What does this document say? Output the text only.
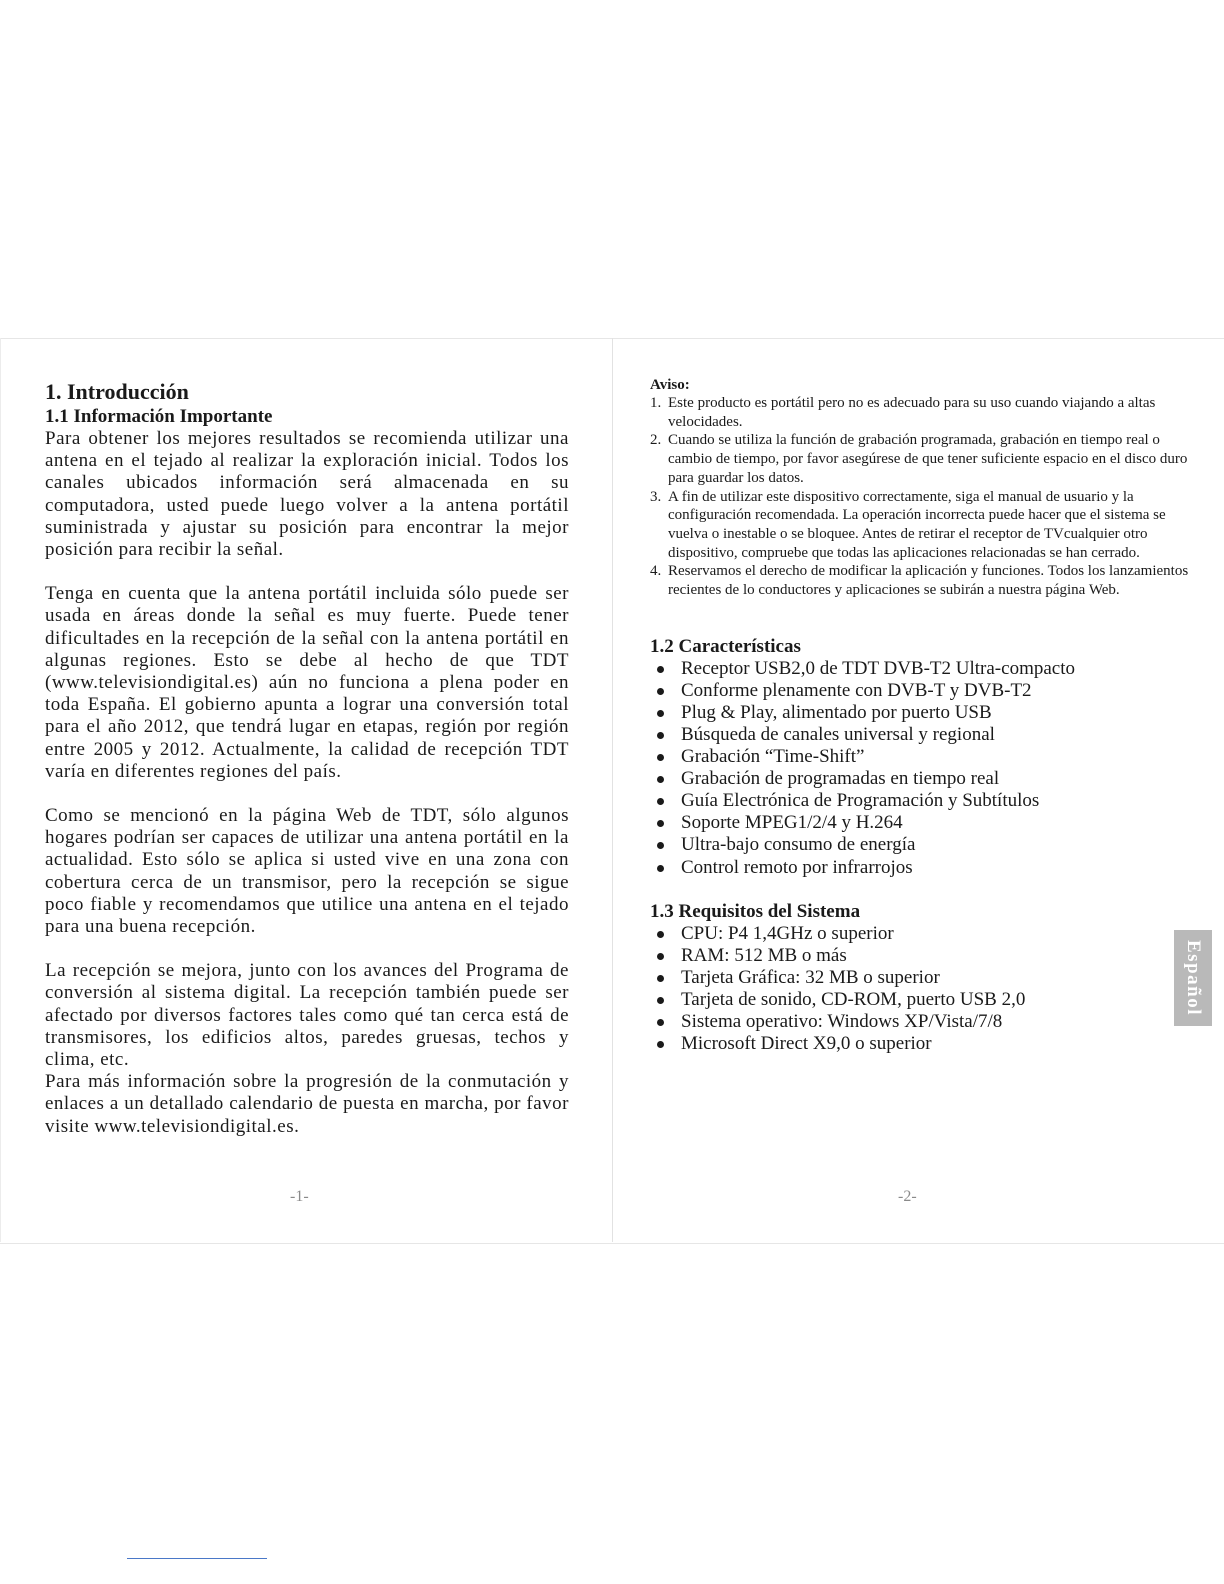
1. Introducción
1.1 Información Importante

Para obtener los mejores resultados se recomienda utilizar una antena en el tejado al realizar la exploración inicial. Todos los canales ubicados información será almacenada en su computadora, usted puede luego volver a la antena portátil suministrada y ajustar su posición para encontrar la mejor posición para recibir la señal.

Tenga en cuenta que la antena portátil incluida sólo puede ser usada en áreas donde la señal es muy fuerte. Puede tener dificultades en la recepción de la señal con la antena portátil en algunas regiones. Esto se debe al hecho de que TDT (www.televisiondigital.es) aún no funciona a plena poder en toda España. El gobierno apunta a lograr una conversión total para el año 2012, que tendrá lugar en etapas, región por región entre 2005 y 2012. Actualmente, la calidad de recepción TDT varía en diferentes regiones del país.

Como se mencionó en la página Web de TDT, sólo algunos hogares podrían ser capaces de utilizar una antena portátil en la actualidad. Esto sólo se aplica si usted vive en una zona con cobertura cerca de un transmisor, pero la recepción se sigue poco fiable y recomendamos que utilice una antena en el tejado para una buena recepción.

La recepción se mejora, junto con los avances del Programa de conversión al sistema digital. La recepción también puede ser afectado por diversos factores tales como qué tan cerca está de transmisores, los edificios altos, paredes gruesas, techos y clima, etc.

Para más información sobre la progresión de la conmutación y enlaces a un detallado calendario de puesta en marcha, por favor visite www.televisiondigital.es.

-1-

Aviso:

1. Este producto es portátil pero no es adecuado para su uso cuando viajando a altas velocidades.
2. Cuando se utiliza la función de grabación programada, grabación en tiempo real o cambio de tiempo, por favor asegúrese de que tener suficiente espacio en el disco duro para guardar los datos.
3. A fin de utilizar este dispositivo correctamente, siga el manual de usuario y la configuración recomendada. La operación incorrecta puede hacer que el sistema se vuelva o inestable o se bloquee. Antes de retirar el receptor de TVcualquier otro dispositivo, compruebe que todas las aplicaciones relacionadas se han cerrado.
4. Reservamos el derecho de modificar la aplicación y funciones. Todos los lanzamientos recientes de lo conductores y aplicaciones se subirán a nuestra página Web.
1.2 Características
Receptor USB2,0 de TDT DVB-T2 Ultra-compacto
Conforme plenamente con DVB-T y DVB-T2
Plug & Play, alimentado por puerto USB
Búsqueda de canales universal y regional
Grabación “Time-Shift”
Grabación de programadas en tiempo real
Guía Electrónica de Programación y Subtítulos
Soporte MPEG1/2/4 y H.264
Ultra-bajo consumo de energía
Control remoto por infrarrojos
1.3 Requisitos del Sistema
CPU: P4 1,4GHz o superior
RAM: 512 MB o más
Tarjeta Gráfica: 32 MB o superior
Tarjeta de sonido, CD-ROM, puerto USB 2,0
Sistema operativo: Windows XP/Vista/7/8
Microsoft Direct X9,0 o superior
-2-
Español
